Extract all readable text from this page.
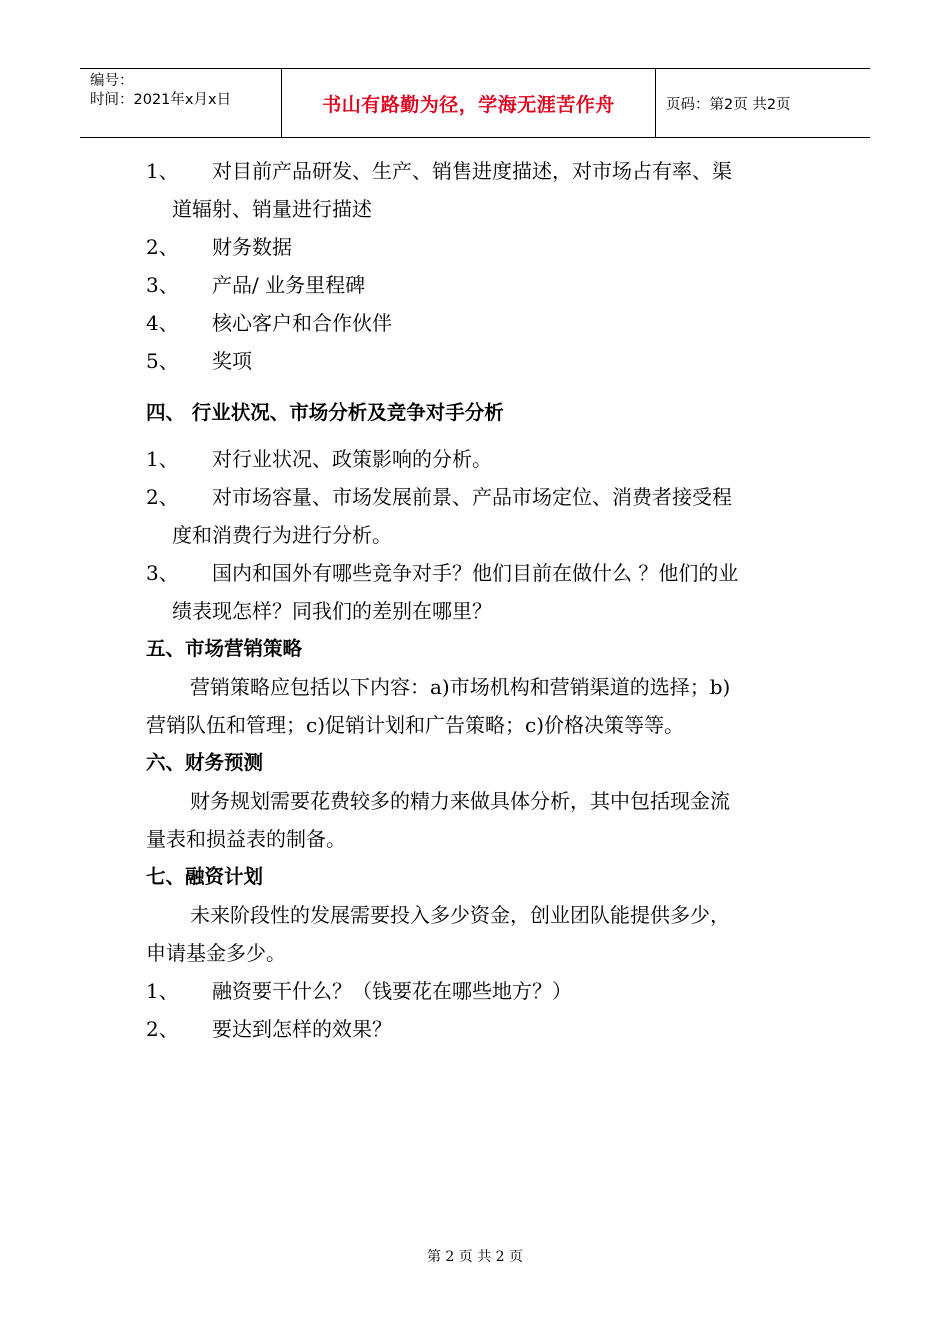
编号：
时间：2021年x月x日	书山有路勤为径，学海无涯苦作舟	页码：第2页 共2页
1、	对目前产品研发、生产、销售进度描述，对市场占有率、渠
道辐射、销量进行描述
2、	财务数据
3、	产品/ 业务里程碑
4、	核心客户和合作伙伴
5、	奖项
四、 行业状况、市场分析及竞争对手分析
1、	对行业状况、政策影响的分析。
2、	对市场容量、市场发展前景、产品市场定位、消费者接受程
度和消费行为进行分析。
3、	国内和国外有哪些竞争对手？他们目前在做什么 ？他们的业
绩表现怎样？同我们的差别在哪里？
五、市场营销策略
营销策略应包括以下内容：a)市场机构和营销渠道的选择；b)
营销队伍和管理；c)促销计划和广告策略；c)价格决策等等。
六、财务预测
财务规划需要花费较多的精力来做具体分析，其中包括现金流
量表和损益表的制备。
七、融资计划
未来阶段性的发展需要投入多少资金，创业团队能提供多少，
申请基金多少。
1、	融资要干什么？（钱要花在哪些地方？）
2、	要达到怎样的效果？
第 2 页 共 2 页
